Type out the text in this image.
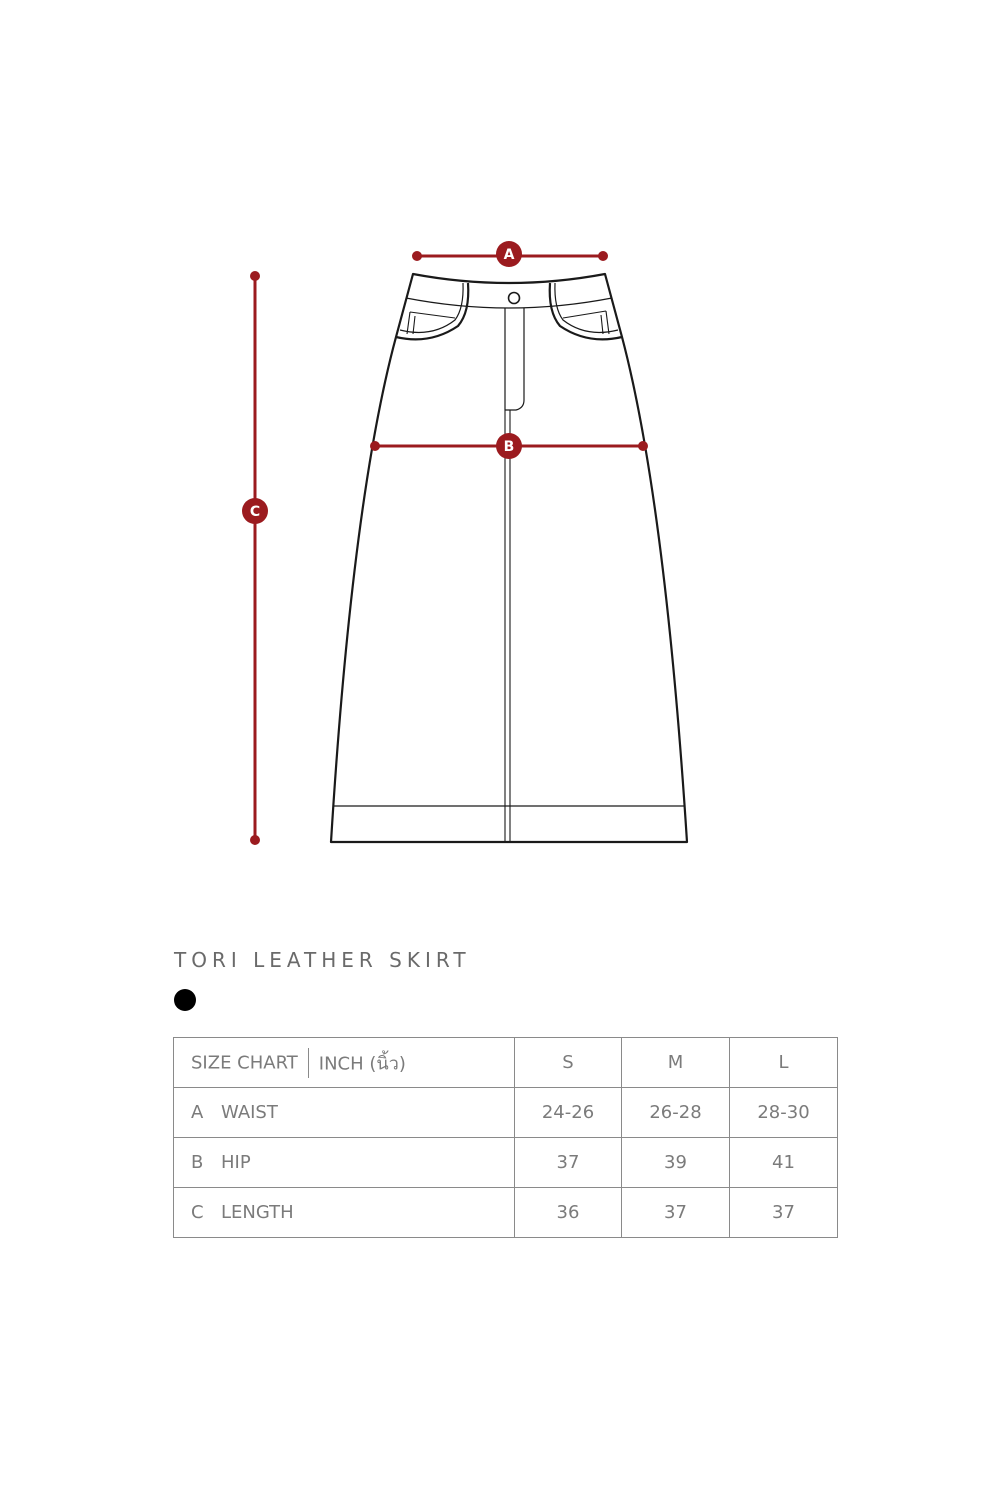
A
B
C
TORI LEATHER SKIRT
SIZE CHART INCH (นิ้ว)	S	M	L
A WAIST	24-26	26-28	28-30
B HIP	37	39	41
C LENGTH	36	37	37
